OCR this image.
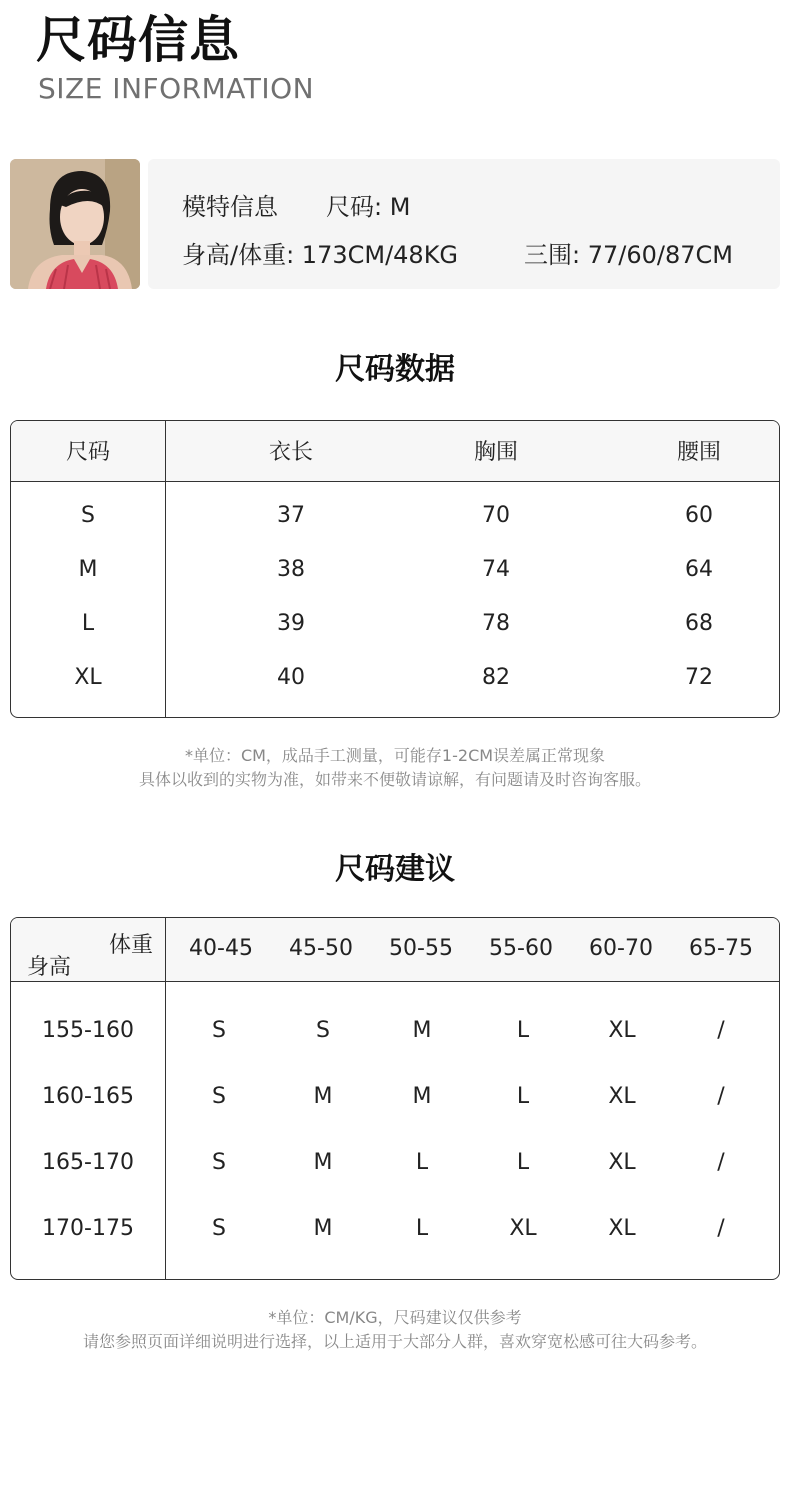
尺码信息
SIZE INFORMATION
模特信息 尺码: M
身高/体重: 173CM/48KG	三围: 77/60/87CM
尺码数据
尺码	衣长	胸围	腰围
S	37	70	60
M	38	74	64
L	39	78	68
XL	40	82	72
*单位：CM，成品手工测量，可能存1-2CM误差属正常现象
具体以收到的实物为准，如带来不便敬请谅解，有问题请及时咨询客服。
尺码建议
体重
身高
40-45	45-50	50-55	55-60	60-70	65-75
155-160	S	S	M	L	XL	/
160-165	S	M	M	L	XL	/
165-170	S	M	L	L	XL	/
170-175	S	M	L	XL	XL	/
*单位：CM/KG，尺码建议仅供参考
请您参照页面详细说明进行选择，以上适用于大部分人群，喜欢穿宽松感可往大码参考。
